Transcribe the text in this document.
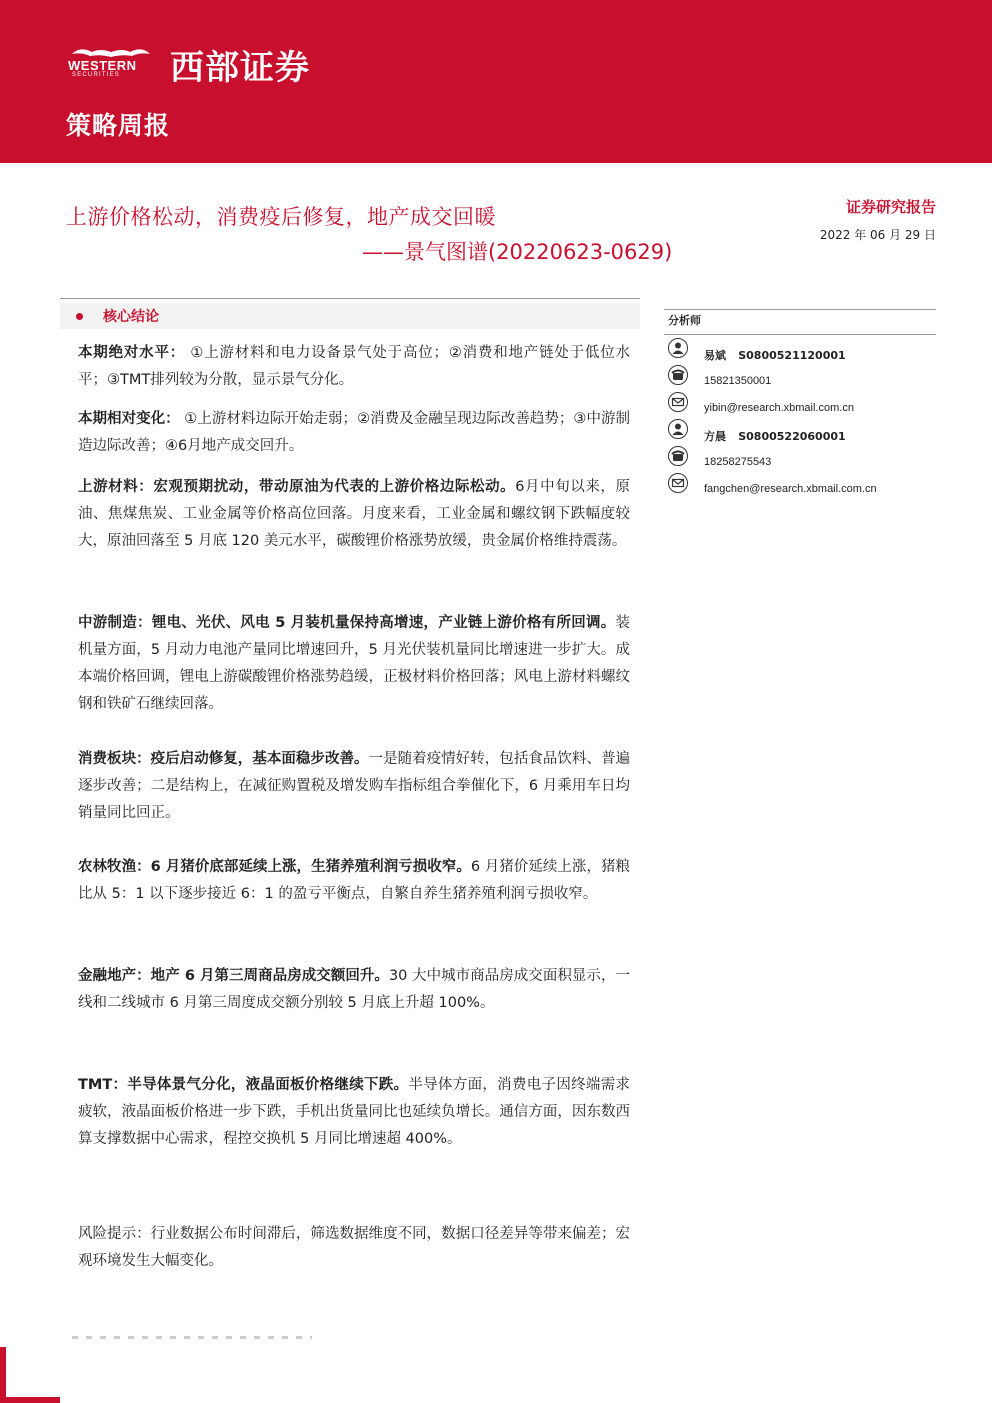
WESTERN
SECURITIES 西部证券
策略周报
上游价格松动，消费疫后修复，地产成交回暖
——景气图谱(20220623-0629)
证券研究报告
2022 年 06 月 29 日
核心结论
本期绝对水平： ①上游材料和电力设备景气处于高位；②消费和地产链处于低位水平；③TMT排列较为分散，显示景气分化。
本期相对变化： ①上游材料边际开始走弱；②消费及金融呈现边际改善趋势；③中游制造边际改善；④6月地产成交回升。
上游材料：宏观预期扰动，带动原油为代表的上游价格边际松动。6月中旬以来，原油、焦煤焦炭、工业金属等价格高位回落。月度来看，工业金属和螺纹钢下跌幅度较大，原油回落至 5 月底 120 美元水平，碳酸锂价格涨势放缓，贵金属价格维持震荡。
中游制造：锂电、光伏、风电 5 月装机量保持高增速，产业链上游价格有所回调。装机量方面，5 月动力电池产量同比增速回升，5 月光伏装机量同比增速进一步扩大。成本端价格回调，锂电上游碳酸锂价格涨势趋缓，正极材料价格回落；风电上游材料螺纹钢和铁矿石继续回落。
消费板块：疫后启动修复，基本面稳步改善。一是随着疫情好转，包括食品饮料、普遍逐步改善；二是结构上，在减征购置税及增发购车指标组合拳催化下，6 月乘用车日均销量同比回正。
农林牧渔：6 月猪价底部延续上涨，生猪养殖利润亏损收窄。6 月猪价延续上涨，猪粮比从 5：1 以下逐步接近 6：1 的盈亏平衡点，自繁自养生猪养殖利润亏损收窄。
金融地产：地产 6 月第三周商品房成交额回升。30 大中城市商品房成交面积显示，一线和二线城市 6 月第三周度成交额分别较 5 月底上升超 100%。
TMT：半导体景气分化，液晶面板价格继续下跌。半导体方面，消费电子因终端需求疲软，液晶面板价格进一步下跌，手机出货量同比也延续负增长。通信方面，因东数西算支撑数据中心需求，程控交换机 5 月同比增速超 400%。
风险提示：行业数据公布时间滞后，筛选数据维度不同，数据口径差异等带来偏差；宏观环境发生大幅变化。
分析师
易斌 S0800521120001
15821350001
yibin@research.xbmail.com.cn
方晨 S0800522060001
18258275543
fangchen@research.xbmail.com.cn
